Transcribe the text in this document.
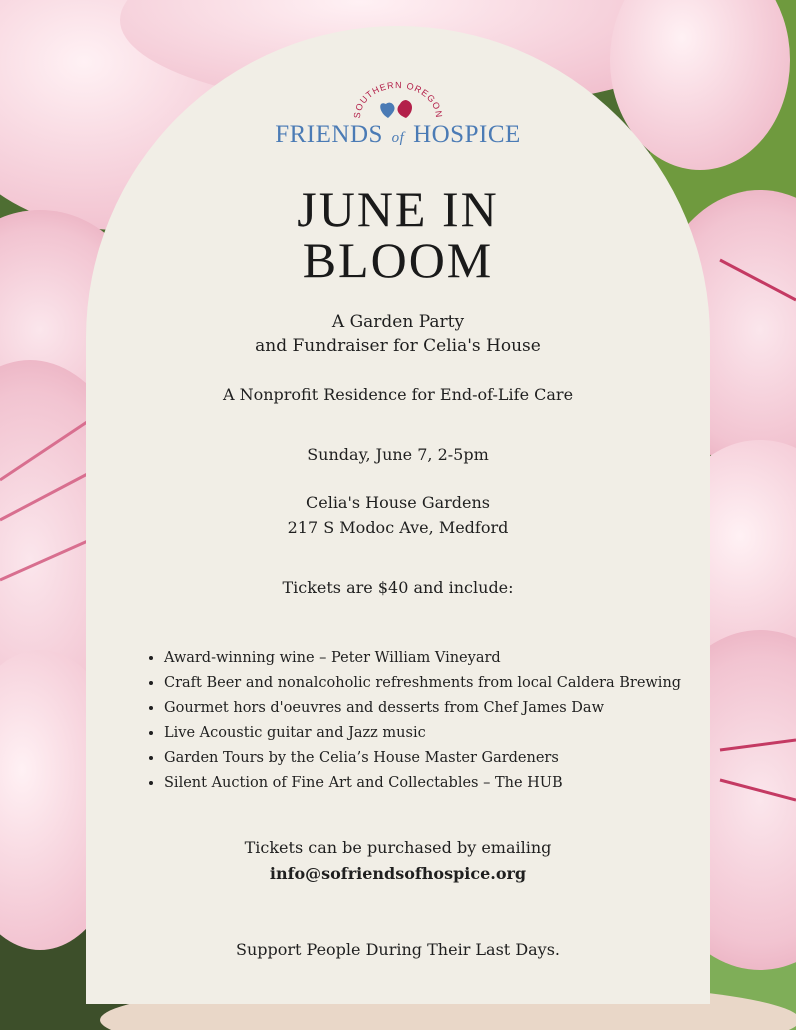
SOUTHERN OREGON
FRIENDS of HOSPICE
JUNE IN
BLOOM
A Garden Party
and Fundraiser for Celia's House
A Nonprofit Residence for End-of-Life Care
Sunday, June 7, 2-5pm
Celia's House Gardens
217 S Modoc Ave, Medford
Tickets are $40 and include:
• Award-winning wine – Peter William Vineyard
• Craft Beer and nonalcoholic refreshments from local Caldera Brewing
• Gourmet hors d'oeuvres and desserts from Chef James Daw
• Live Acoustic guitar and Jazz music
• Garden Tours by the Celia’s House Master Gardeners
• Silent Auction of Fine Art and Collectables – The HUB
Tickets can be purchased by emailing
info@sofriendsofhospice.org
Support People During Their Last Days.
